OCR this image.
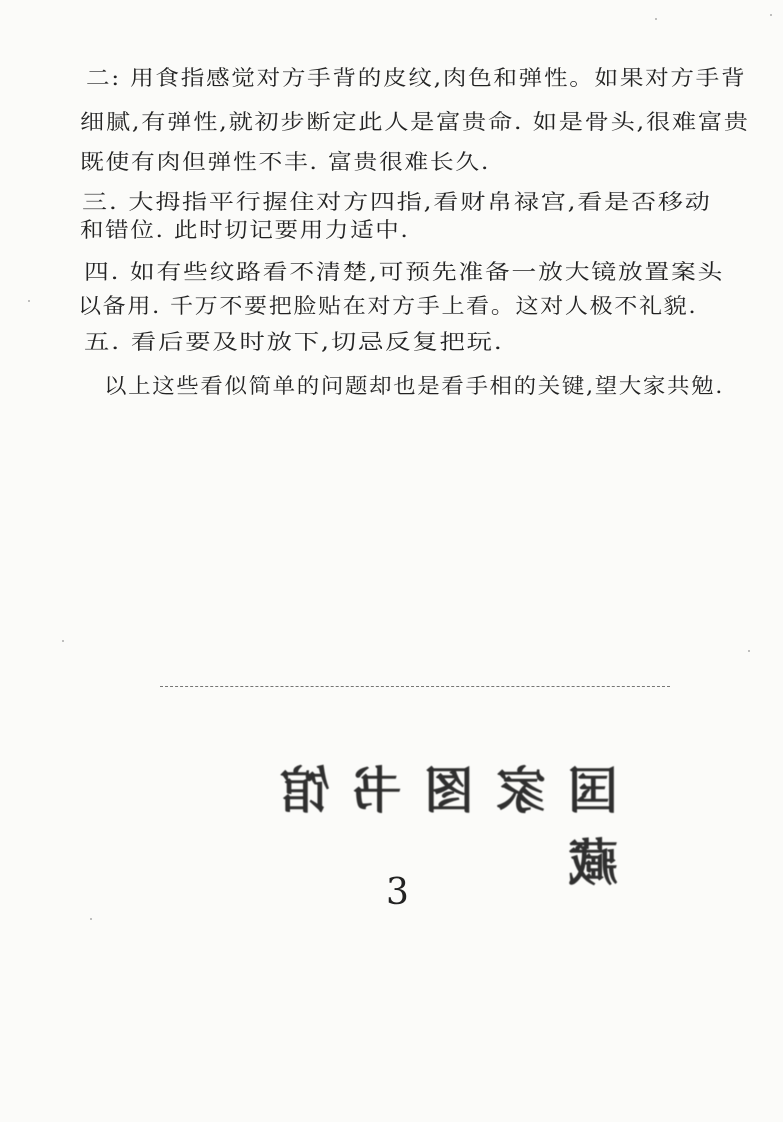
二: 用食指感觉对方手背的皮纹,肉色和弹性。如果对方手背
细腻,有弹性,就初步断定此人是富贵命. 如是骨头,很难富贵
既使有肉但弹性不丰. 富贵很难长久.
三. 大拇指平行握住对方四指,看财帛禄宫,看是否移动
和错位. 此时切记要用力适中.
四. 如有些纹路看不清楚,可预先准备一放大镜放置案头
以备用. 千万不要把脸贴在对方手上看。这对人极不礼貌.
五. 看后要及时放下,切忌反复把玩.
以上这些看似简单的问题却也是看手相的关键,望大家共勉.
国家图书馆藏
3
